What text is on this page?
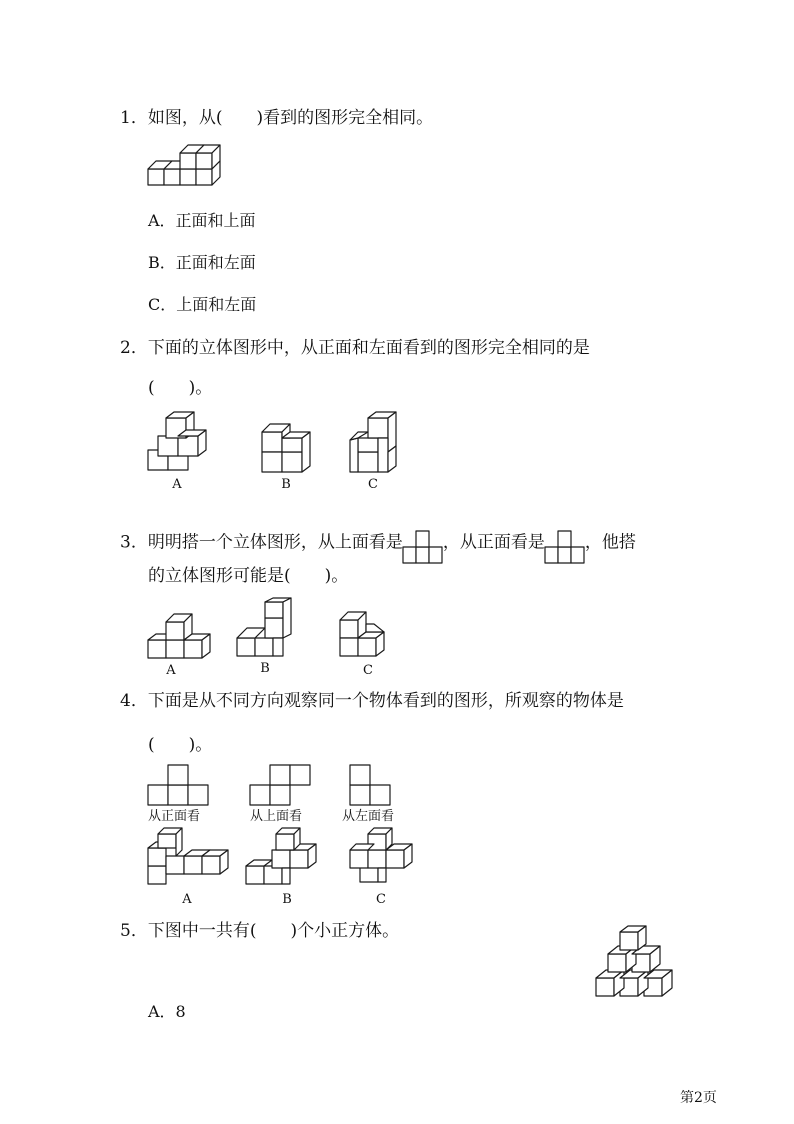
1．如图，从(　　)看到的图形完全相同。
A．正面和上面
B．正面和左面
C．上面和左面
2．下面的立体图形中，从正面和左面看到的图形完全相同的是
(　　)。
A	B	C
3．明明搭一个立体图形，从上面看是 ，从正面看是 ，他搭
的立体图形可能是(　　)。
A	B	C
4．下面是从不同方向观察同一个物体看到的图形，所观察的物体是
(　　)。
从正面看	从上面看	从左面看
A	B	C
5．下图中一共有(　　)个小正方体。
A．8
第2页
